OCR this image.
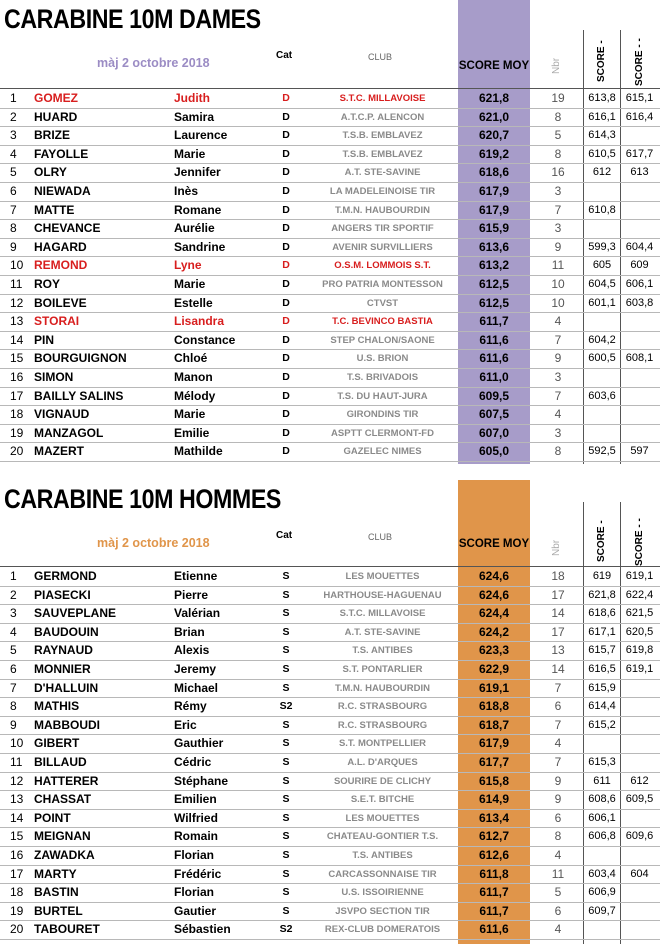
CARABINE 10M DAMES
màj 2 octobre 2018
Cat	CLUB
SCORE MOY Nbr	SCORE -	SCORE - -
1 GOMEZ	Judith	D	S.T.C. MILLAVOISE	621,8	19	613,8 615,1
2 HUARD	Samira	D	A.T.C.P. ALENCON	621,0	8	616,1 616,4
3 BRIZE	Laurence	D	T.S.B. EMBLAVEZ	620,7	5	614,3
4 FAYOLLE	Marie	D	T.S.B. EMBLAVEZ	619,2	8	610,5 617,7
5 OLRY	Jennifer	D	A.T. STE-SAVINE	618,6	16	612	613
6 NIEWADA	Inès	D	LA MADELEINOISE TIR	617,9	3
7 MATTE	Romane	D	T.M.N. HAUBOURDIN	617,9	7	610,8
8 CHEVANCE	Aurélie	D	ANGERS TIR SPORTIF	615,9	3
9 HAGARD	Sandrine	D	AVENIR SURVILLIERS	613,6	9	599,3 604,4
10 REMOND	Lyne	D	O.S.M. LOMMOIS S.T.	613,2	11	605	609
11 ROY	Marie	D	PRO PATRIA MONTESSON	612,5	10	604,5 606,1
12 BOILEVE	Estelle	D	CTVST	612,5	10	601,1 603,8
13 STORAI	Lisandra	D	T.C. BEVINCO BASTIA	611,7	4
14 PIN	Constance	D	STEP CHALON/SAONE	611,6	7	604,2
15 BOURGUIGNON	Chloé	D	U.S. BRION	611,6	9	600,5 608,1
16 SIMON	Manon	D	T.S. BRIVADOIS	611,0	3
17 BAILLY SALINS	Mélody	D	T.S. DU HAUT-JURA	609,5	7	603,6
18 VIGNAUD	Marie	D	GIRONDINS TIR	607,5	4
19 MANZAGOL	Emilie	D	ASPTT CLERMONT-FD	607,0	3
20 MAZERT	Mathilde	D	GAZELEC NIMES	605,0	8	592,5	597
CARABINE 10M HOMMES
màj 2 octobre 2018
Cat	CLUB
SCORE MOY Nbr	SCORE -	SCORE - -
1 GERMOND	Etienne	S	LES MOUETTES	624,6	18	619	619,1
2 PIASECKI	Pierre	S	HARTHOUSE-HAGUENAU	624,6	17	621,8 622,4
3 SAUVEPLANE	Valérian	S	S.T.C. MILLAVOISE	624,4	14	618,6 621,5
4 BAUDOUIN	Brian	S	A.T. STE-SAVINE	624,2	17	617,1 620,5
5 RAYNAUD	Alexis	S	T.S. ANTIBES	623,3	13	615,7 619,8
6 MONNIER	Jeremy	S	S.T. PONTARLIER	622,9	14	616,5 619,1
7 D'HALLUIN	Michael	S	T.M.N. HAUBOURDIN	619,1	7	615,9
8 MATHIS	Rémy	S2	R.C. STRASBOURG	618,8	6	614,4
9 MABBOUDI	Eric	S	R.C. STRASBOURG	618,7	7	615,2
10 GIBERT	Gauthier	S	S.T. MONTPELLIER	617,9	4
11 BILLAUD	Cédric	S	A.L. D'ARQUES	617,7	7	615,3
12 HATTERER	Stéphane	S	SOURIRE DE CLICHY	615,8	9	611	612
13 CHASSAT	Emilien	S	S.E.T. BITCHE	614,9	9	608,6 609,5
14 POINT	Wilfried	S	LES MOUETTES	613,4	6	606,1
15 MEIGNAN	Romain	S	CHATEAU-GONTIER T.S.	612,7	8	606,8 609,6
16 ZAWADKA	Florian	S	T.S. ANTIBES	612,6	4
17 MARTY	Frédéric	S	CARCASSONNAISE TIR	611,8	11	603,4	604
18 BASTIN	Florian	S	U.S. ISSOIRIENNE	611,7	5	606,9
19 BURTEL	Gautier	S	JSVPO SECTION TIR	611,7	6	609,7
20 TABOURET	Sébastien	S2	REX-CLUB DOMERATOIS	611,6	4
